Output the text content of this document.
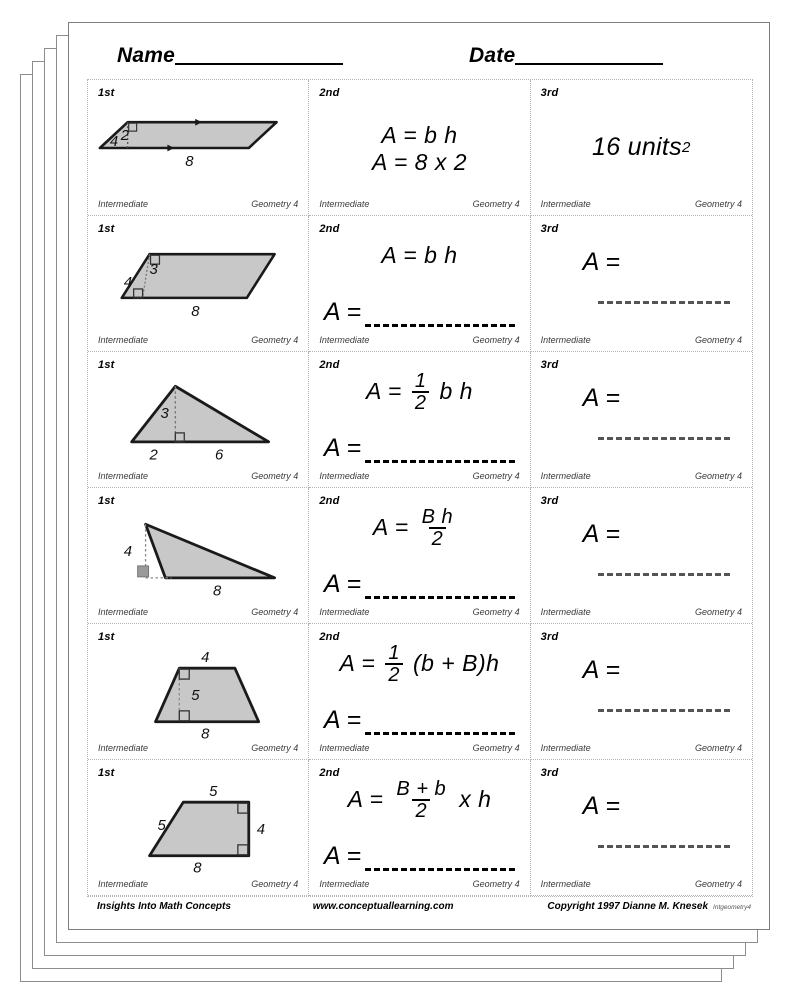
Name	Date
1st
4 2
8
Intermediate	Geometry 4
2nd
A = b h
A = 8 x 2
Intermediate	Geometry 4
3rd
16 units 2
Intermediate	Geometry 4
1st
4
3
8
Intermediate	Geometry 4
2nd
A = b h
A =
Intermediate	Geometry 4
3rd
A =
Intermediate	Geometry 4
1st
3
2	6
Intermediate	Geometry 4
2nd
$A = \frac{1}{2}$ b h
A =
Intermediate	Geometry 4
3rd
A =
Intermediate	Geometry 4
1st
4
8
Intermediate	Geometry 4
2nd
$A = \frac{\text{B h}}{2}$
A =
Intermediate	Geometry 4
3rd
A =
Intermediate	Geometry 4
1st
4
5
8
Intermediate	Geometry 4
2nd
$A = \frac{1}{2} (b + B)h$
A =
Intermediate	Geometry 4
3rd
A =
Intermediate	Geometry 4
1st
5
5	4
8
Intermediate	Geometry 4
2nd
$A = \frac{B + b}{2}$ x h
A =
Intermediate	Geometry 4
3rd
A =
Intermediate	Geometry 4
Insights Into Math Concepts	www.conceptuallearning.com	Copyright 1997 Dianne M. Knesek Intgeometry4
